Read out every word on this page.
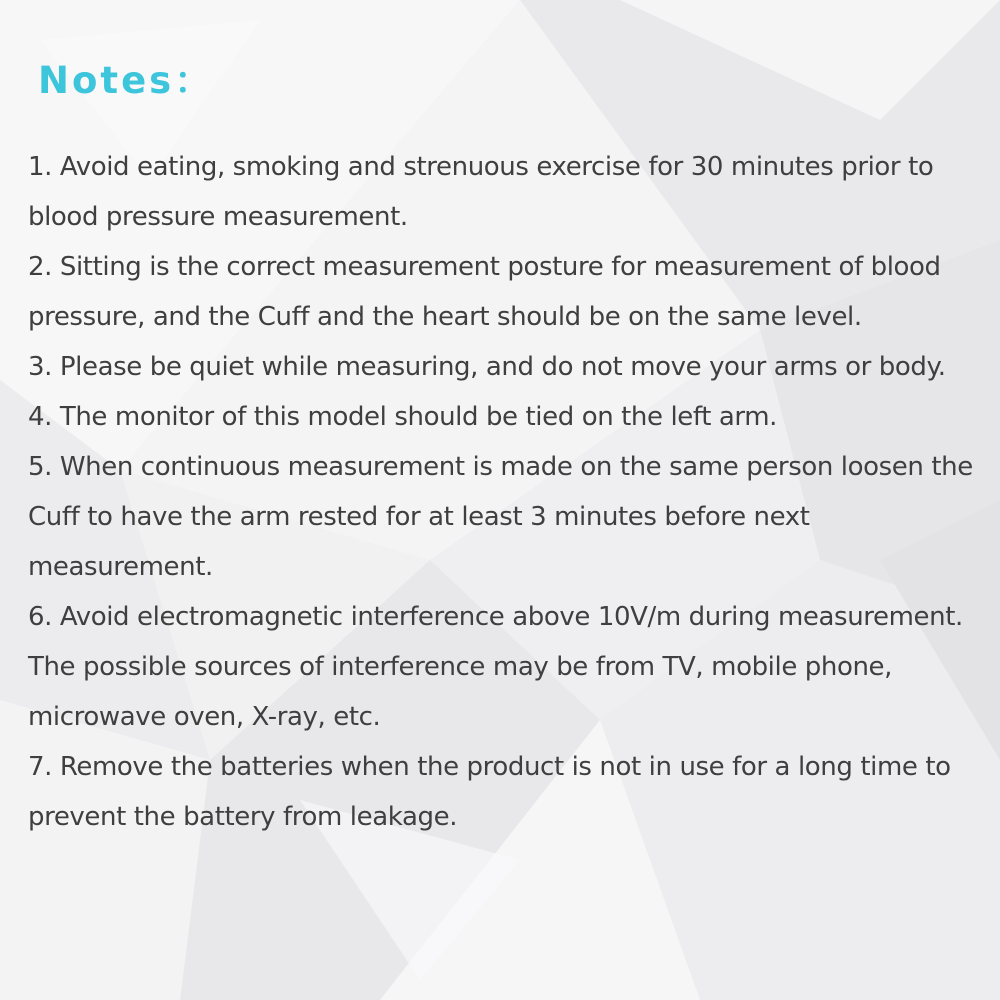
Notes：
1. Avoid eating, smoking and strenuous exercise for 30 minutes prior to blood pressure measurement.
2. Sitting is the correct measurement posture for measurement of blood pressure, and the Cuff and the heart should be on the same level.
3. Please be quiet while measuring, and do not move your arms or body.
4. The monitor of this model should be tied on the left arm.
5. When continuous measurement is made on the same person loosen the Cuff to have the arm rested for at least 3 minutes before next measurement.
6. Avoid electromagnetic interference above 10V/m during measurement. The possible sources of interference may be from TV, mobile phone, microwave oven, X-ray, etc.
7. Remove the batteries when the product is not in use for a long time to prevent the battery from leakage.
